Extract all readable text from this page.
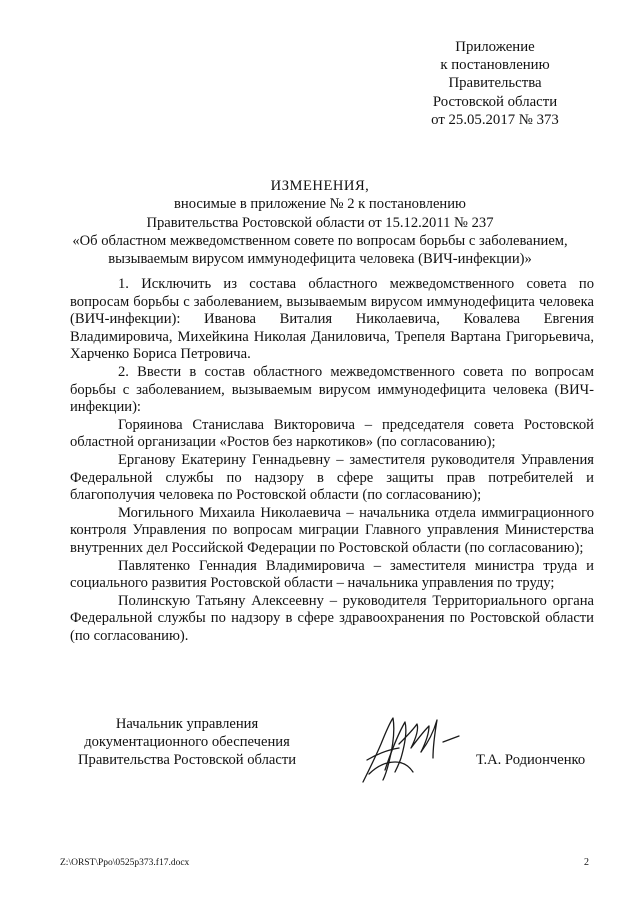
Приложение
к постановлению
Правительства
Ростовской области
от 25.05.2017 № 373
ИЗМЕНЕНИЯ,
вносимые в приложение № 2 к постановлению
Правительства Ростовской области от 15.12.2011 № 237
«Об областном межведомственном совете по вопросам борьбы с заболеванием,
вызываемым вирусом иммунодефицита человека (ВИЧ-инфекции)»

1. Исключить из состава областного межведомственного совета по вопросам борьбы с заболеванием, вызываемым вирусом иммунодефицита человека (ВИЧ-инфекции): Иванова Виталия Николаевича, Ковалева Евгения Владимировича, Михейкина Николая Даниловича, Трепеля Вартана Григорьевича, Харченко Бориса Петровича.

2. Ввести в состав областного межведомственного совета по вопросам борьбы с заболеванием, вызываемым вирусом иммунодефицита человека (ВИЧ-инфекции):

Горяинова Станислава Викторовича – председателя совета Ростовской областной организации «Ростов без наркотиков» (по согласованию);

Ерганову Екатерину Геннадьевну – заместителя руководителя Управления Федеральной службы по надзору в сфере защиты прав потребителей и благополучия человека по Ростовской области (по согласованию);

Могильного Михаила Николаевича – начальника отдела иммиграционного контроля Управления по вопросам миграции Главного управления Министерства внутренних дел Российской Федерации по Ростовской области (по согласованию);

Павлятенко Геннадия Владимировича – заместителя министра труда и социального развития Ростовской области – начальника управления по труду;

Полинскую Татьяну Алексеевну – руководителя Территориального органа Федеральной службы по надзору в сфере здравоохранения по Ростовской области (по согласованию).

Начальник управления
документационного обеспечения
Правительства Ростовской области	Т.А. Родионченко
Z:\ORST\Ppo\0525p373.f17.docx	2
